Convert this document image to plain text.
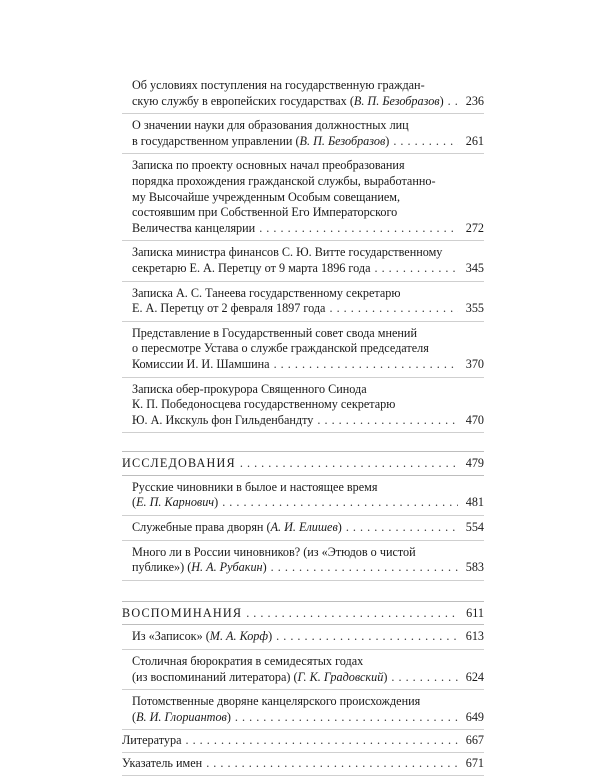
Об условиях поступления на государственную граждан-
скую службу в европейских государствах (В. П. Безобразов) . . .	236
О значении науки для образования должностных лиц
в государственном управлении (В. П. Безобразов) . . .	261
Записка по проекту основных начал преобразования
порядка прохождения гражданской службы, выработанно-
му Высочайше учрежденным Особым совещанием,
состоявшим при Собственной Его Императорского
Величества канцелярии . . .	272
Записка министра финансов С. Ю. Витте государственному
секретарю Е. А. Перетцу от 9 марта 1896 года . . .	345
Записка А. С. Танеева государственному секретарю
Е. А. Перетцу от 2 февраля 1897 года . . .	355
Представление в Государственный совет свода мнений
о пересмотре Устава о службе гражданской председателя
Комиссии И. И. Шамшина . . .	370
Записка обер-прокурора Священного Синода
К. П. Победоносцева государственному секретарю
Ю. А. Икскуль фон Гильденбандту . . .	470
ИССЛЕДОВАНИЯ . . .	479
Русские чиновники в былое и настоящее время
(Е. П. Карнович) . . .	481
Служебные права дворян (А. И. Елишев) . . .	554
Много ли в России чиновников? (из «Этюдов о чистой
публике») (Н. А. Рубакин) . . .	583
ВОСПОМИНАНИЯ . . .	611
Из «Записок» (М. А. Корф) . . .	613
Столичная бюрократия в семидесятых годах
(из воспоминаний литератора) (Г. К. Градовский) . . .	624
Потомственные дворяне канцелярского происхождения
(В. И. Глориантов) . . .	649
Литература . . .	667
Указатель имен . . .	671
